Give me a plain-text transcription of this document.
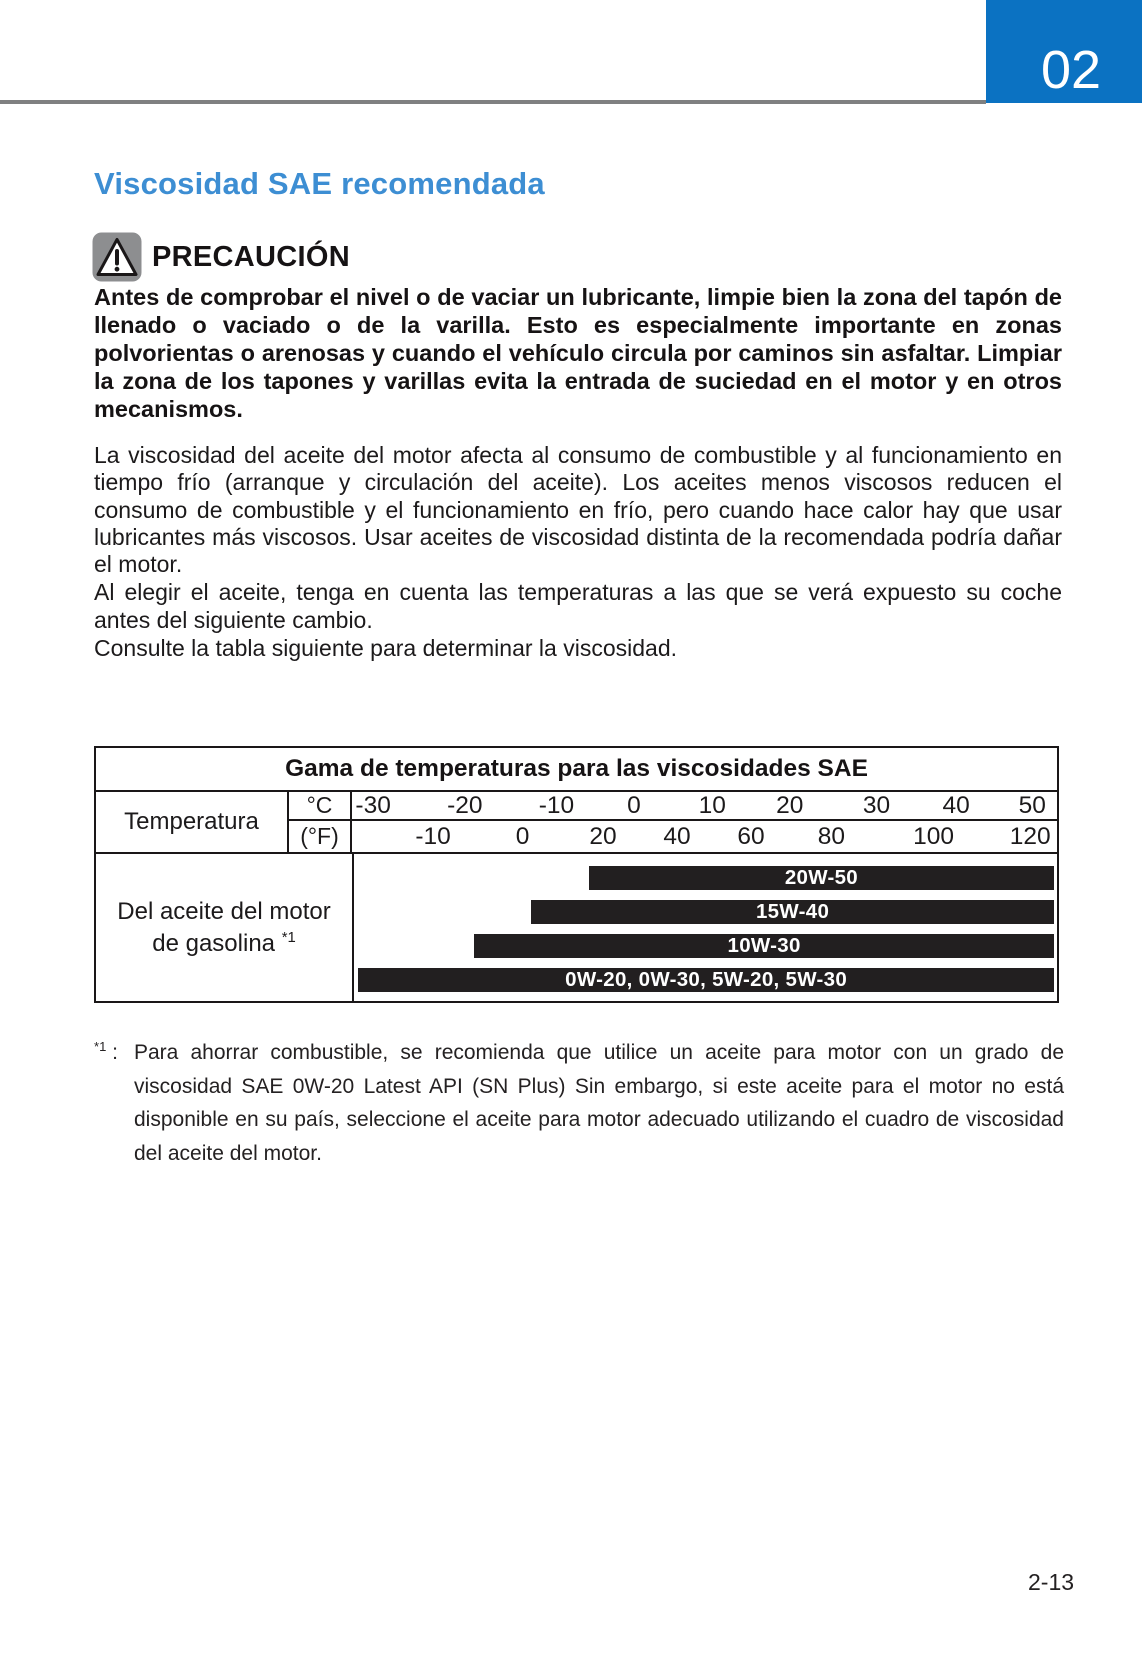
02
Viscosidad SAE recomendada
PRECAUCIÓN
Antes de comprobar el nivel o de vaciar un lubricante, limpie bien la zona del tapón de llenado o vaciado o de la varilla. Esto es especialmente importante en zonas polvorientas o arenosas y cuando el vehículo circula por caminos sin asfaltar. Limpiar la zona de los tapones y varillas evita la entrada de suciedad en el motor y en otros mecanismos.

La viscosidad del aceite del motor afecta al consumo de combustible y al funcionamiento en tiempo frío (arranque y circulación del aceite). Los aceites menos viscosos reducen el consumo de combustible y el funcionamiento en frío, pero cuando hace calor hay que usar lubricantes más viscosos. Usar aceites de viscosidad distinta de la recomendada podría dañar el motor.

Al elegir el aceite, tenga en cuenta las temperaturas a las que se verá expuesto su coche antes del siguiente cambio.

Consulte la tabla siguiente para determinar la viscosidad.

Gama de temperaturas para las viscosidades SAE
Temperatura
°C -30 -20 -10 0 10 20 30 40 50
(°F)	-10	0 20 40 60 80	100 120
Del aceite del motor
de gasolina $^{*1}$
20W-50
15W-40
10W-30
0W-20, 0W-30, 5W-20, 5W-30
$^{*1}$ : Para ahorrar combustible, se recomienda que utilice un aceite para motor con un grado de viscosidad SAE 0W-20 Latest API (SN Plus) Sin embargo, si este aceite para el motor no está disponible en su país, seleccione el aceite para motor adecuado utilizando el cuadro de viscosidad del aceite del motor.
2-13
